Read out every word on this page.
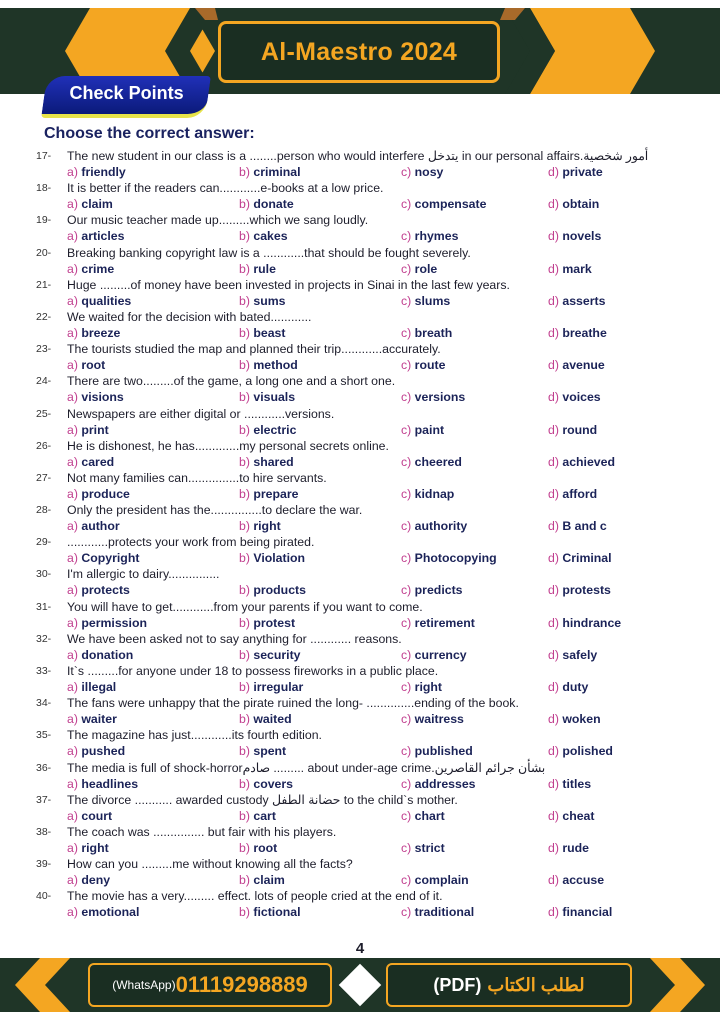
Al-Maestro 2024
Check Points
Choose the correct answer:
17-	The new student in our class is a ........person who would interfere يتدخل in our personal affairs.أمور شخصية
a) friendly	b) criminal	c) nosy	d) private
18-	It is better if the readers can............e-books at a low price.
a) claim	b) donate	c) compensate	d) obtain
19-	Our music teacher made up.........which we sang loudly.
a) articles	b) cakes	c) rhymes	d) novels
20-	Breaking banking copyright law is a ............that should be fought severely.
a) crime	b) rule	c) role	d) mark
21-	Huge .........of money have been invested in projects in Sinai in the last few years.
a) qualities	b) sums	c) slums	d) asserts
22-	We waited for the decision with bated............
a) breeze	b) beast	c) breath	d) breathe
23-	The tourists studied the map and planned their trip............accurately.
a) root	b) method	c) route	d) avenue
24-	There are two.........of the game, a long one and a short one.
a) visions	b) visuals	c) versions	d) voices
25-	Newspapers are either digital or ............versions.
a) print	b) electric	c) paint	d) round
26-	He is dishonest, he has.............my personal secrets online.
a) cared	b) shared	c) cheered	d) achieved
27-	Not many families can...............to hire servants.
a) produce	b) prepare	c) kidnap	d) afford
28-	Only the president has the...............to declare the war.
a) author	b) right	c) authority	d) B and c
29-	............protects your work from being pirated.
a) Copyright	b) Violation	c) Photocopying	d) Criminal
30-	I'm allergic to dairy...............
a) protects	b) products	c) predicts	d) protests
31-	You will have to get............from your parents if you want to come.
a) permission	b) protest	c) retirement	d) hindrance
32-	We have been asked not to say anything for ............ reasons.
a) donation	b) security	c) currency	d) safely
33-	It`s .........for anyone under 18 to possess fireworks in a public place.
a) illegal	b) irregular	c) right	d) duty
34-	The fans were unhappy that the pirate ruined the long- ..............ending of the book.
a) waiter	b) waited	c) waitress	d) woken
35-	The magazine has just............its fourth edition.
a) pushed	b) spent	c) published	d) polished
36-	The media is full of shock-horrorصادم ......... about under-age crime.بشأن جرائم القاصرين
a) headlines	b) covers	c) addresses	d) titles
37-	The divorce ........... awarded custody حضانة الطفل to the child`s mother.
a) court	b) cart	c) chart	d) cheat
38-	The coach was ............... but fair with his players.
a) right	b) root	c) strict	d) rude
39-	How can you .........me without knowing all the facts?
a) deny	b) claim	c) complain	d) accuse
40-	The movie has a very......... effect. lots of people cried at the end of it.
a) emotional	b) fictional	c) traditional	d) financial
4
(WhatsApp) 01119298889	(PDF) لطلب الكتاب
